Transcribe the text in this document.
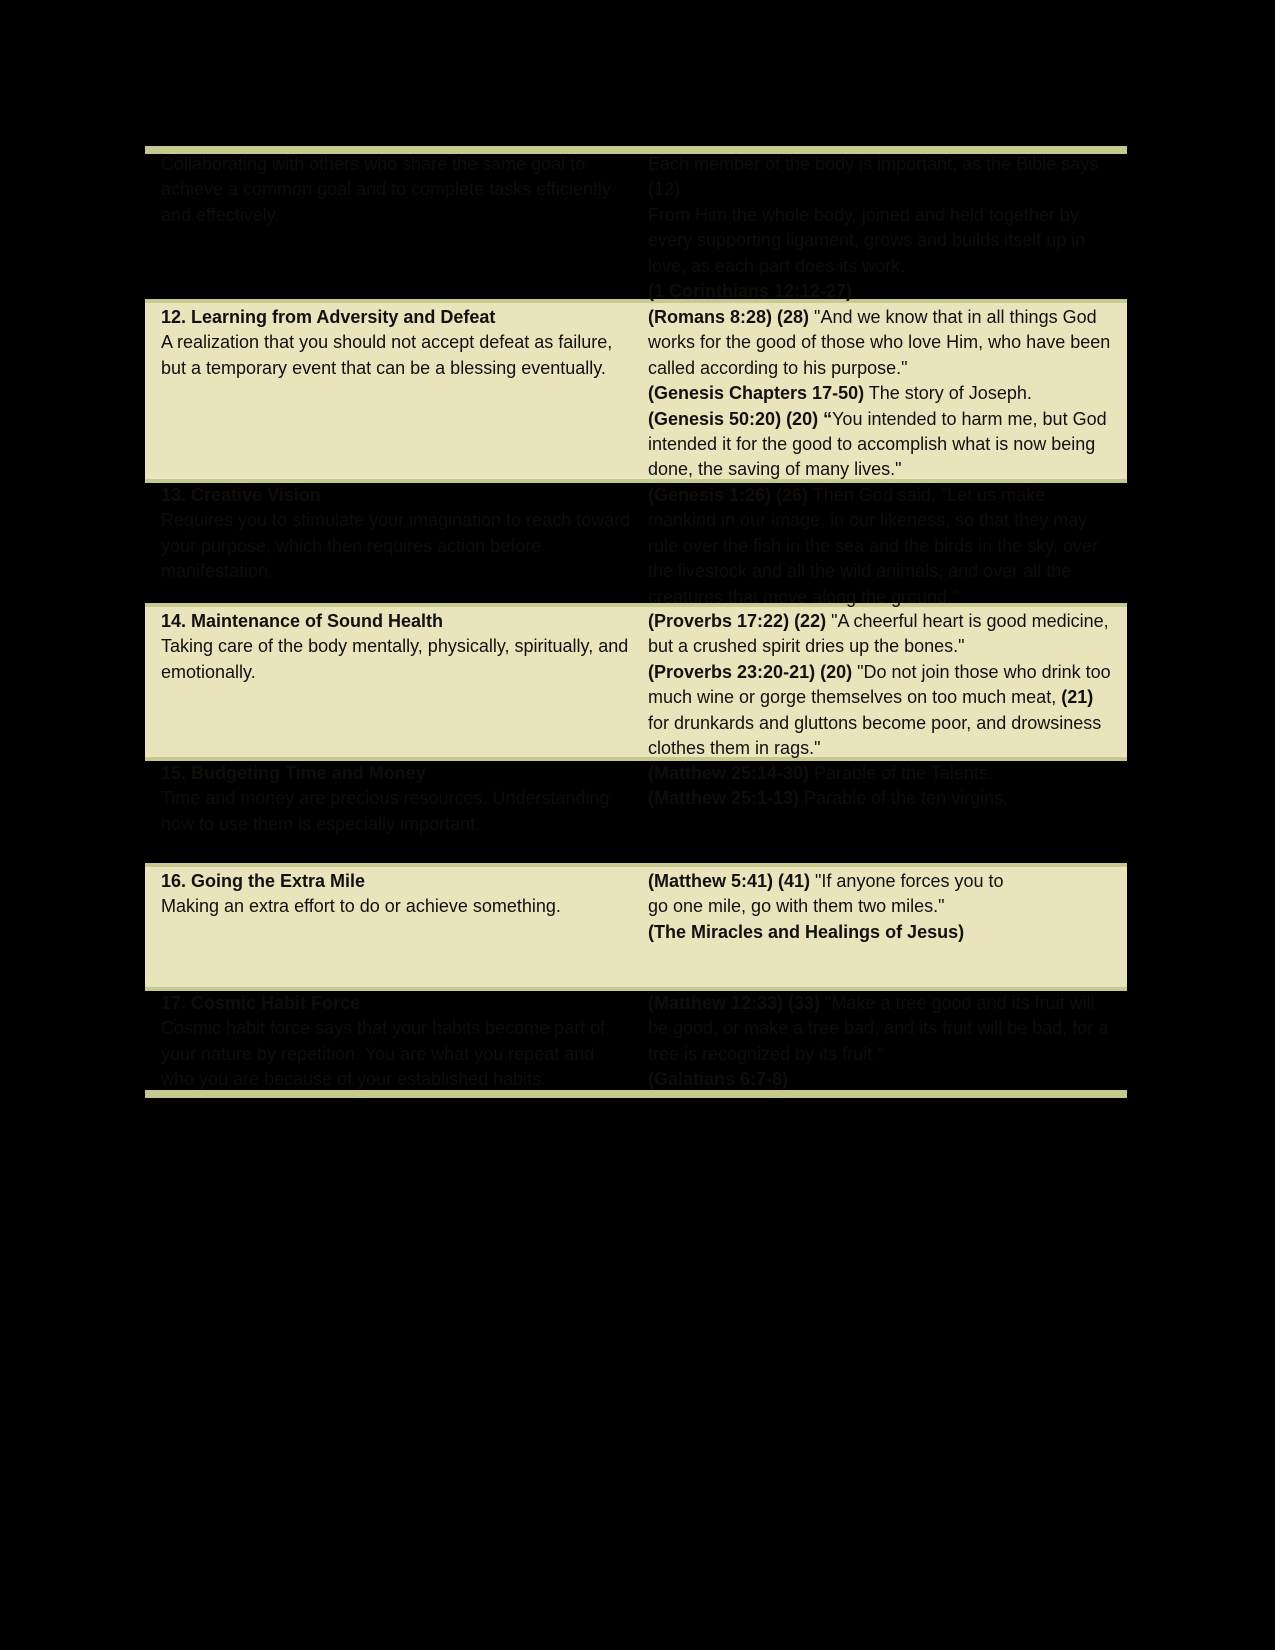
Collaborating with others who share the same goal to achieve a common goal and to complete tasks efficiently and effectively.
Each member of the body is important, as the Bible says (12)
From Him the whole body, joined and held together by every supporting ligament, grows and builds itself up in love, as each part does its work.
(1 Corinthians 12:12-27)
12. Learning from Adversity and Defeat
A realization that you should not accept defeat as failure, but a temporary event that can be a blessing eventually.
(Romans 8:28) (28) "And we know that in all things God works for the good of those who love Him, who have been called according to his purpose."
(Genesis Chapters 17-50) The story of Joseph.
(Genesis 50:20) (20) “You intended to harm me, but God intended it for the good to accomplish what is now being done, the saving of many lives."
13. Creative Vision
Requires you to stimulate your imagination to reach toward your purpose, which then requires action before manifestation.
(Genesis 1:26) (26) Then God said, "Let us make mankind in our image, in our likeness, so that they may rule over the fish in the sea and the birds in the sky, over the livestock and all the wild animals, and over all the creatures that move along the ground."
14. Maintenance of Sound Health
Taking care of the body mentally, physically, spiritually, and emotionally.
(Proverbs 17:22) (22) "A cheerful heart is good medicine, but a crushed spirit dries up the bones."
(Proverbs 23:20-21) (20) "Do not join those who drink too much wine or gorge themselves on too much meat, (21) for drunkards and gluttons become poor, and drowsiness clothes them in rags."
15. Budgeting Time and Money
Time and money are precious resources. Understanding how to use them is especially important.
(Matthew 25:14-30) Parable of the Talents.
(Matthew 25:1-13) Parable of the ten virgins.
16. Going the Extra Mile
Making an extra effort to do or achieve something.
(Matthew 5:41) (41) "If anyone forces you to go one mile, go with them two miles."
(The Miracles and Healings of Jesus)
17. Cosmic Habit Force
Cosmic habit force says that your habits become part of your nature by repetition. You are what you repeat and who you are because of your established habits.
(Matthew 12:33) (33) "Make a tree good and its fruit will be good, or make a tree bad, and its fruit will be bad, for a tree is recognized by its fruit."
(Galatians 6:7-8)
